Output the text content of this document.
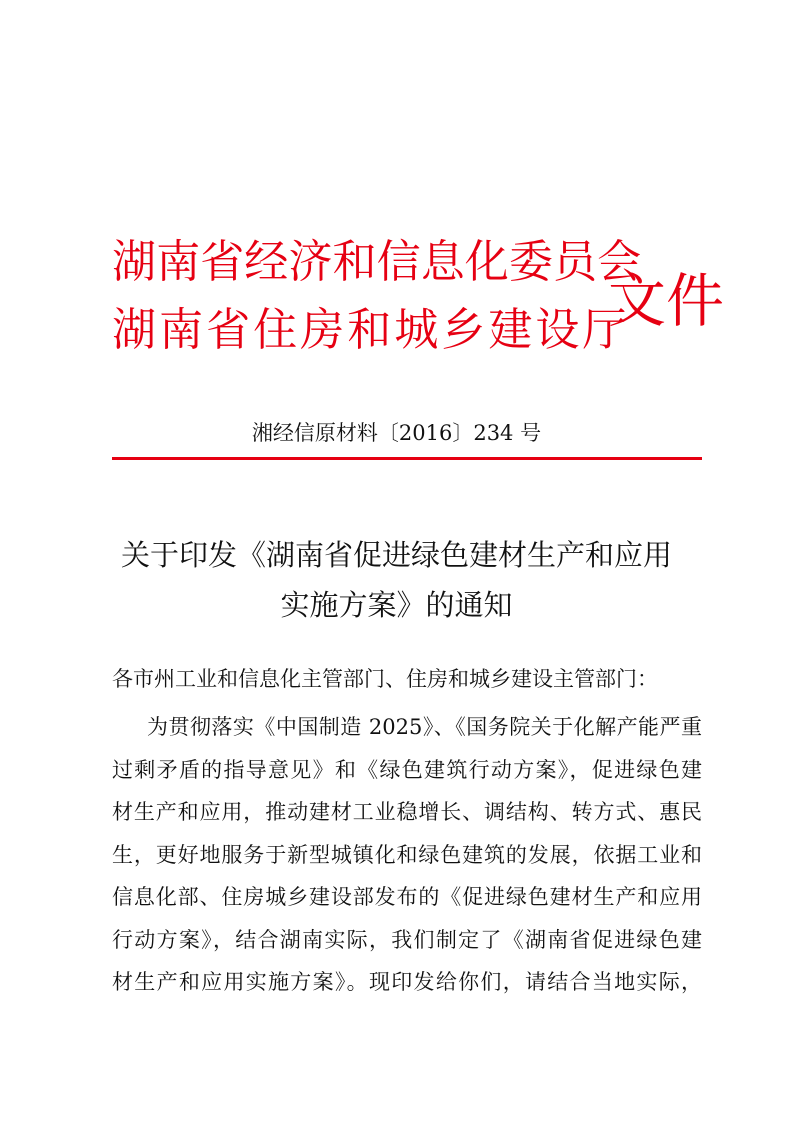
湖南省经济和信息化委员会
湖南省住房和城乡建设厅
文件
湘经信原材料〔2016〕234 号
关于印发《湖南省促进绿色建材生产和应用
实施方案》的通知
各市州工业和信息化主管部门、住房和城乡建设主管部门：
为贯彻落实《中国制造 2025》、《国务院关于化解产能严重
过剩矛盾的指导意见》和《绿色建筑行动方案》，促进绿色建
材生产和应用，推动建材工业稳增长、调结构、转方式、惠民
生，更好地服务于新型城镇化和绿色建筑的发展，依据工业和
信息化部、住房城乡建设部发布的《促进绿色建材生产和应用
行动方案》，结合湖南实际，我们制定了《湖南省促进绿色建
材生产和应用实施方案》。现印发给你们，请结合当地实际，
